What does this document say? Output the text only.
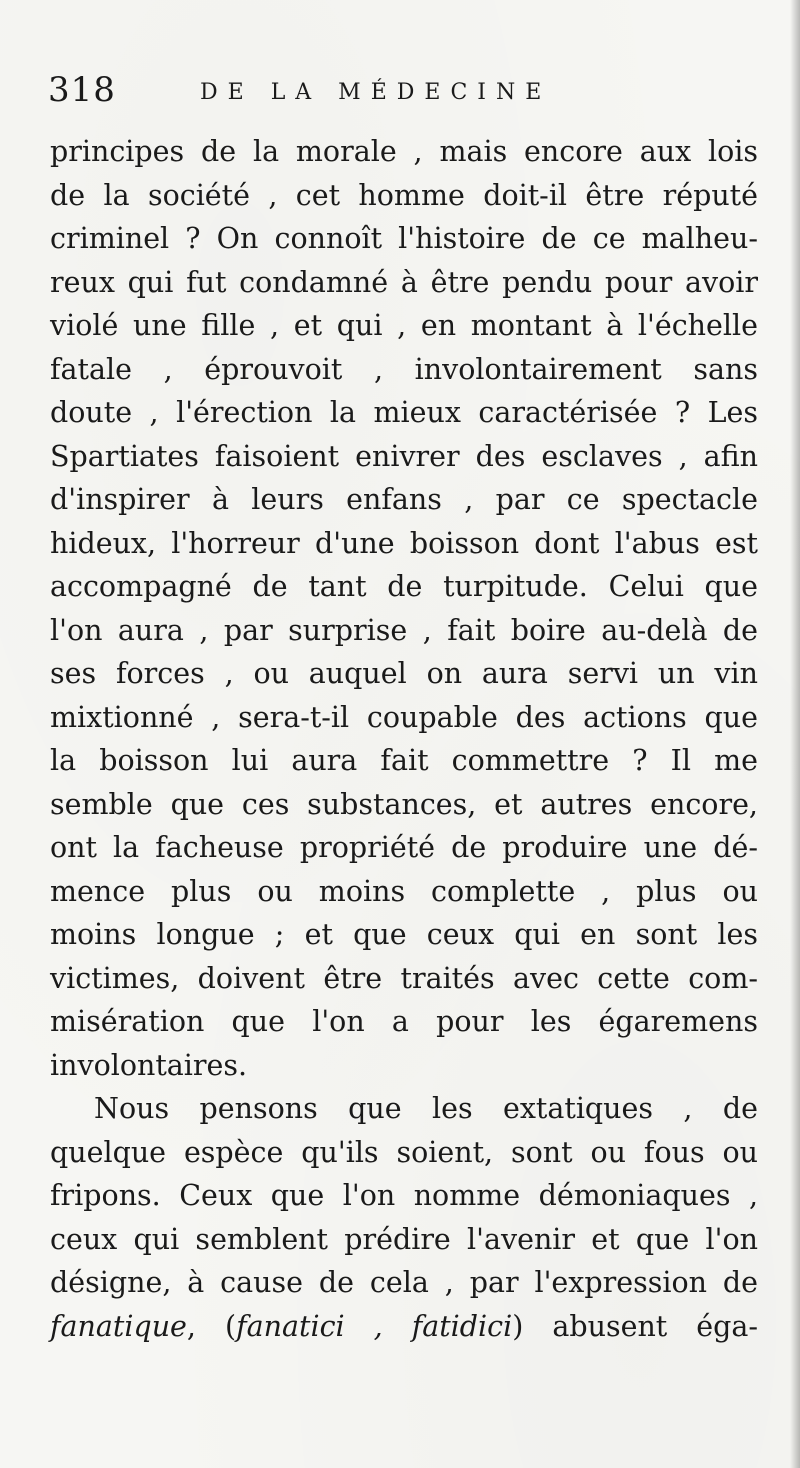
318	DE LA MÉDECINE
principes de la morale , mais encore aux lois
de la société , cet homme doit-il être réputé
criminel ? On connoît l'histoire de ce malheu-
reux qui fut condamné à être pendu pour avoir
violé une fille , et qui , en montant à l'échelle
fatale , éprouvoit , involontairement sans
doute , l'érection la mieux caractérisée ? Les
Spartiates faisoient enivrer des esclaves , afin
d'inspirer à leurs enfans , par ce spectacle
hideux, l'horreur d'une boisson dont l'abus est
accompagné de tant de turpitude. Celui que
l'on aura , par surprise , fait boire au-delà de
ses forces , ou auquel on aura servi un vin
mixtionné , sera-t-il coupable des actions que
la boisson lui aura fait commettre ? Il me
semble que ces substances, et autres encore,
ont la facheuse propriété de produire une dé-
mence plus ou moins complette , plus ou
moins longue ; et que ceux qui en sont les
victimes, doivent être traités avec cette com-
misération que l'on a pour les égaremens
involontaires.
Nous pensons que les extatiques , de
quelque espèce qu'ils soient, sont ou fous ou
fripons. Ceux que l'on nomme démoniaques ,
ceux qui semblent prédire l'avenir et que l'on
désigne, à cause de cela , par l'expression de
fanatique, (fanatici , fatidici) abusent éga-
